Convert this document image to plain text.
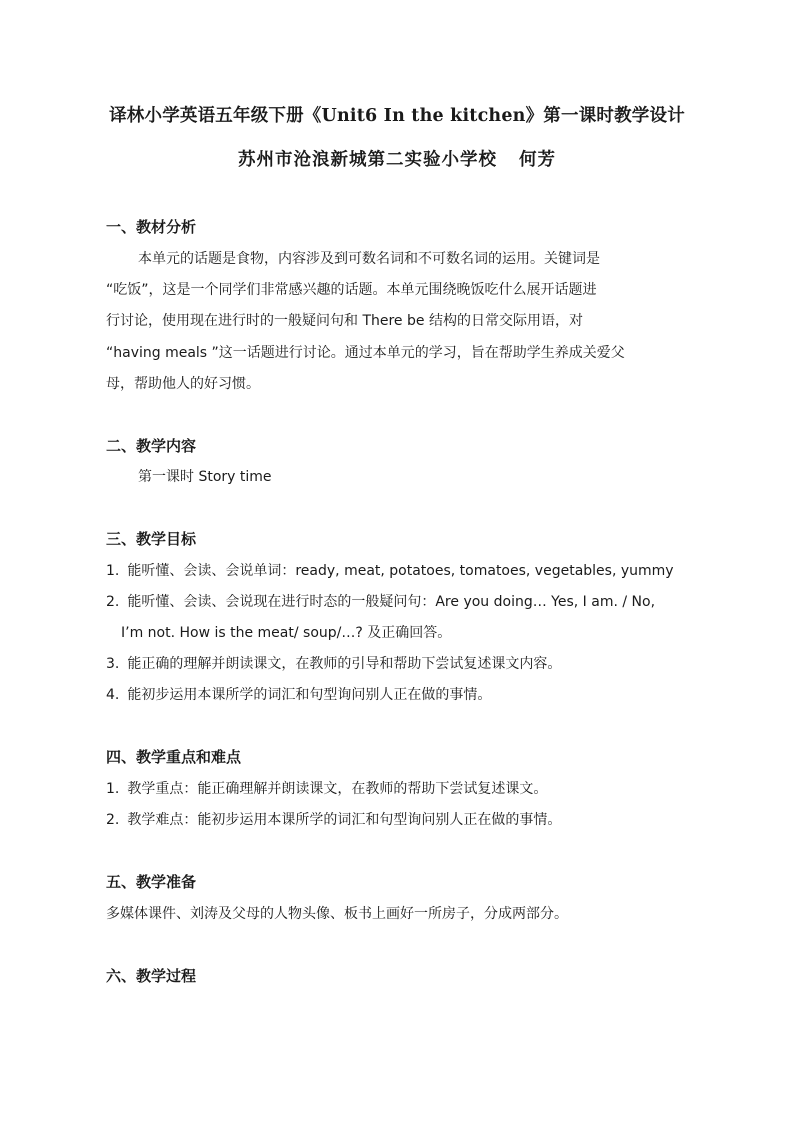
译林小学英语五年级下册《Unit6 In the kitchen》第一课时教学设计
苏州市沧浪新城第二实验小学校 何芳
一、教材分析
本单元的话题是食物，内容涉及到可数名词和不可数名词的运用。关键词是
“吃饭”，这是一个同学们非常感兴趣的话题。本单元围绕晚饭吃什么展开话题进
行讨论，使用现在进行时的一般疑问句和 There be 结构的日常交际用语，对
“having meals ”这一话题进行讨论。通过本单元的学习，旨在帮助学生养成关爱父
母，帮助他人的好习惯。
二、教学内容
第一课时 Story time
三、教学目标
1. 能听懂、会读、会说单词：ready, meat, potatoes, tomatoes, vegetables, yummy
2. 能听懂、会读、会说现在进行时态的一般疑问句：Are you doing… Yes, I am. / No,
I’m not. How is the meat/ soup/…? 及正确回答。
3. 能正确的理解并朗读课文，在教师的引导和帮助下尝试复述课文内容。
4. 能初步运用本课所学的词汇和句型询问别人正在做的事情。
四、教学重点和难点
1. 教学重点：能正确理解并朗读课文，在教师的帮助下尝试复述课文。
2. 教学难点：能初步运用本课所学的词汇和句型询问别人正在做的事情。
五、教学准备
多媒体课件、刘涛及父母的人物头像、板书上画好一所房子，分成两部分。
六、教学过程
